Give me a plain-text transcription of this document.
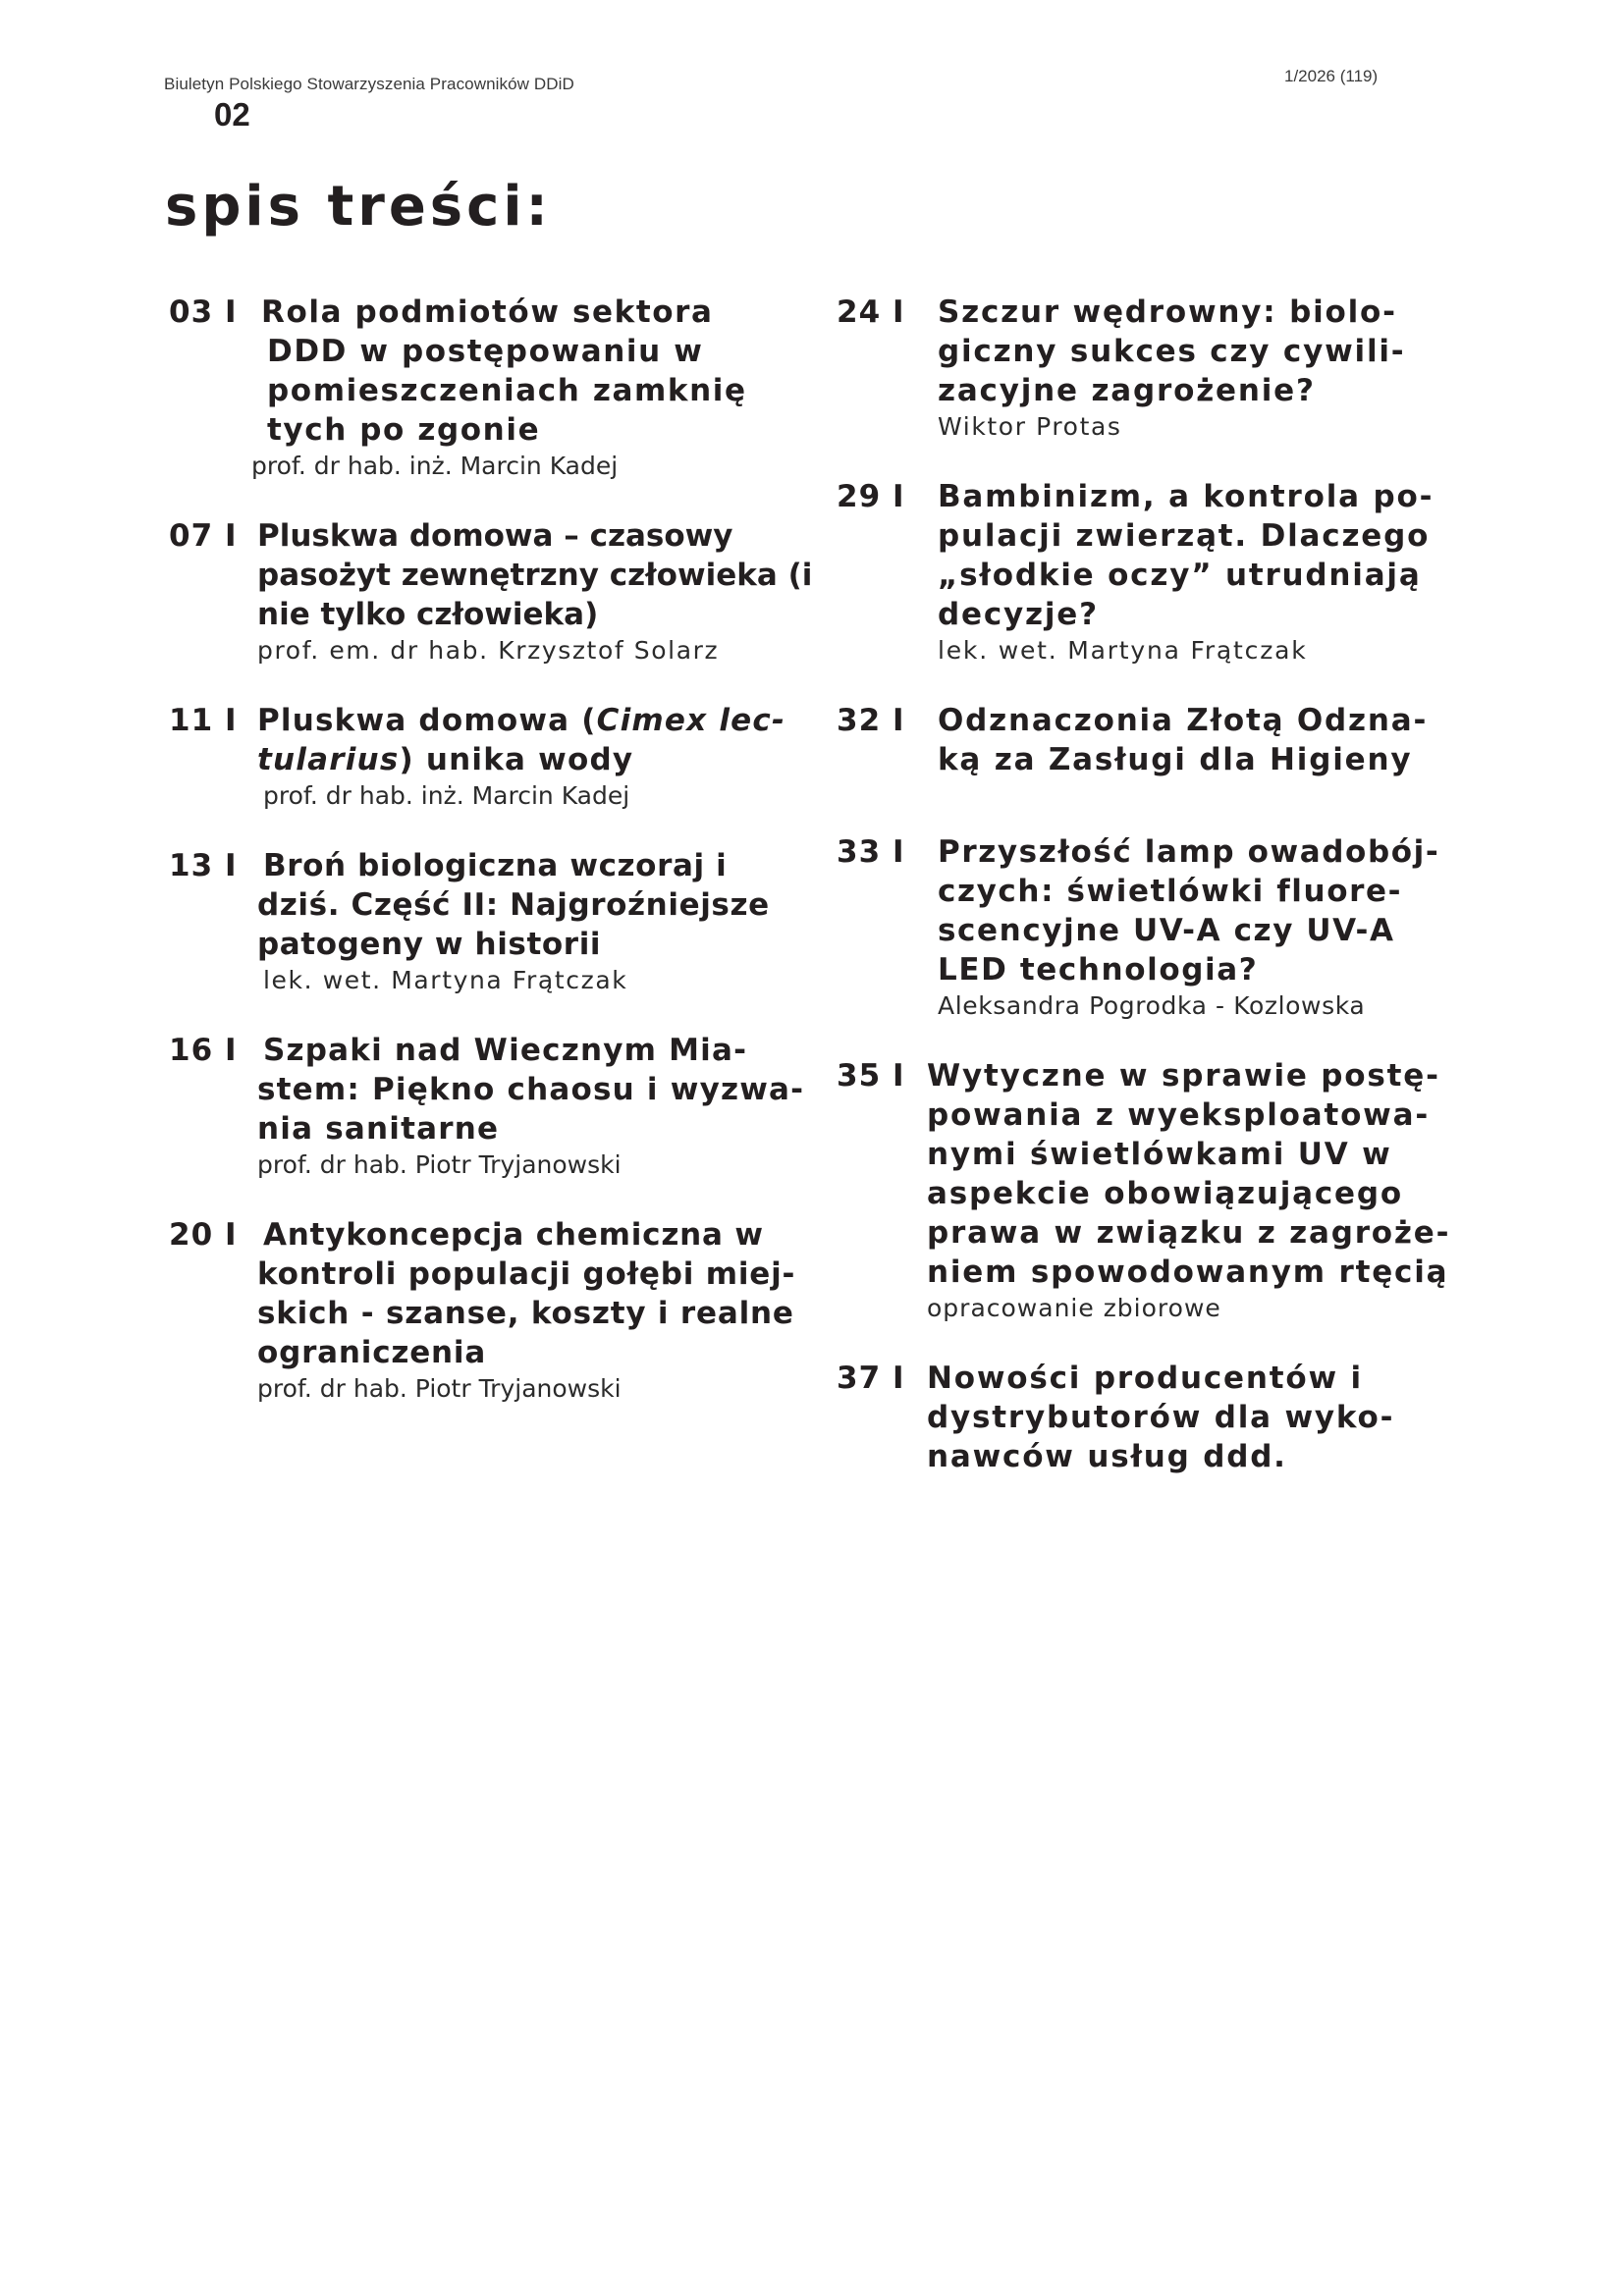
Biuletyn Polskiego Stowarzyszenia Pracowników DDiD	1/2026 (119)
02
spis treści:
03 I Rola podmiotów sektora
DDD w postępowaniu w
pomieszczeniach zamknię
tych po zgonie
prof. dr hab. inż. Marcin Kadej
07 I Pluskwa domowa – czasowy
pasożyt zewnętrzny człowieka (i
nie tylko człowieka)
prof. em. dr hab. Krzysztof Solarz
11 I Pluskwa domowa (Cimex lec-
tularius) unika wody
prof. dr hab. inż. Marcin Kadej
13 I Broń biologiczna wczoraj i
dziś. Część II: Najgroźniejsze
patogeny w historii
lek. wet. Martyna Frątczak
16 I Szpaki nad Wiecznym Mia-
stem: Piękno chaosu i wyzwa-
nia sanitarne
prof. dr hab. Piotr Tryjanowski
20 I Antykoncepcja chemiczna w
kontroli populacji gołębi miej-
skich - szanse, koszty i realne
ograniczenia
prof. dr hab. Piotr Tryjanowski
24 I	Szczur wędrowny: biolo-
giczny sukces czy cywili-
zacyjne zagrożenie?
Wiktor Protas
29 I	Bambinizm, a kontrola po-
pulacji zwierząt. Dlaczego
„słodkie oczy” utrudniają
decyzje?
lek. wet. Martyna Frątczak
32 I	Odznaczonia Złotą Odzna-
ką za Zasługi dla Higieny
33 I	Przyszłość lamp owadobój-
czych: świetlówki fluore-
scencyjne UV-A czy UV-A
LED technologia?
Aleksandra Pogrodka - Kozlowska
35 I Wytyczne w sprawie postę-
powania z wyeksploatowa-
nymi świetlówkami UV w
aspekcie obowiązującego
prawa w związku z zagroże-
niem spowodowanym rtęcią
opracowanie zbiorowe
37 I Nowości producentów i
dystrybutorów dla wyko-
nawców usług ddd.
